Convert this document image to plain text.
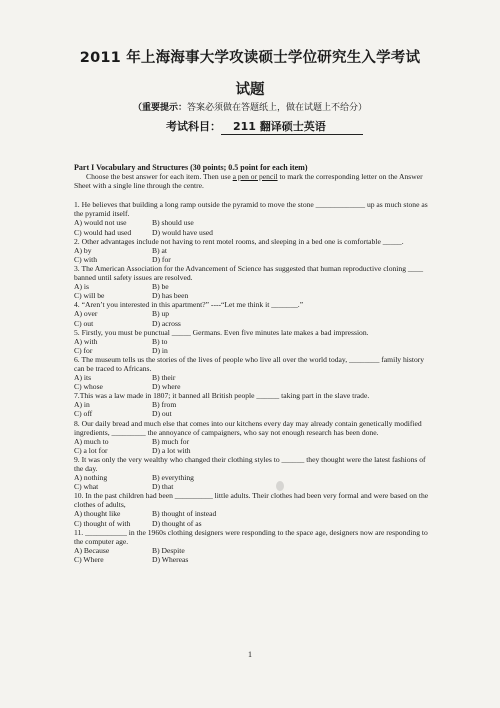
2011 年上海海事大学攻读硕士学位研究生入学考试
试题
（重要提示：答案必须做在答题纸上，做在试题上不给分）
考试科目： 211 翻译硕士英语

Part I Vocabulary and Structures (30 points; 0.5 point for each item)

Choose the best answer for each item. Then use a pen or pencil to mark the corresponding letter on the Answer Sheet with a single line through the centre.

1. He believes that building a long ramp outside the pyramid to move the stone _____________ up as much stone as the pyramid itself.

A) would not use	B) should use

C) would had used	D) would have used

2. Other advantages include not having to rent motel rooms, and sleeping in a bed one is comfortable _____.

A) by	B) at

C) with	D) for

3. The American Association for the Advancement of Science has suggested that human reproductive cloning ____ banned until safety issues are resolved.

A) is	B) be

C) will be	D) has been

4. “Aren’t you interested in this apartment?” ----“Let me think it _______.”

A) over	B) up

C) out	D) across

5. Firstly, you must be punctual _____ Germans. Even five minutes late makes a bad impression.

A) with	B) to

C) for	D) in

6. The museum tells us the stories of the lives of people who live all over the world today, ________ family history can be traced to Africans.

A) its	B) their

C) whose	D) where

7.This was a law made in 1807; it banned all British people ______ taking part in the slave trade.

A) in	B) from

C) off	D) out

8. Our daily bread and much else that comes into our kitchens every day may already contain genetically modified ingredients, _________ the annoyance of campaigners, who say not enough research has been done.

A) much to	B) much for

C) a lot for	D) a lot with

9. It was only the very wealthy who changed their clothing styles to ______ they thought were the latest fashions of the day.

A) nothing	B) everything

C) what	D) that

10. In the past children had been __________ little adults. Their clothes had been very formal and were based on the clothes of adults,

A) thought like	B) thought of instead

C) thought of with	D) thought of as

11. ___________ in the 1960s clothing designers were responding to the space age, designers now are responding to the computer age.

A) Because	B) Despite

C) Where	D) Whereas

1
